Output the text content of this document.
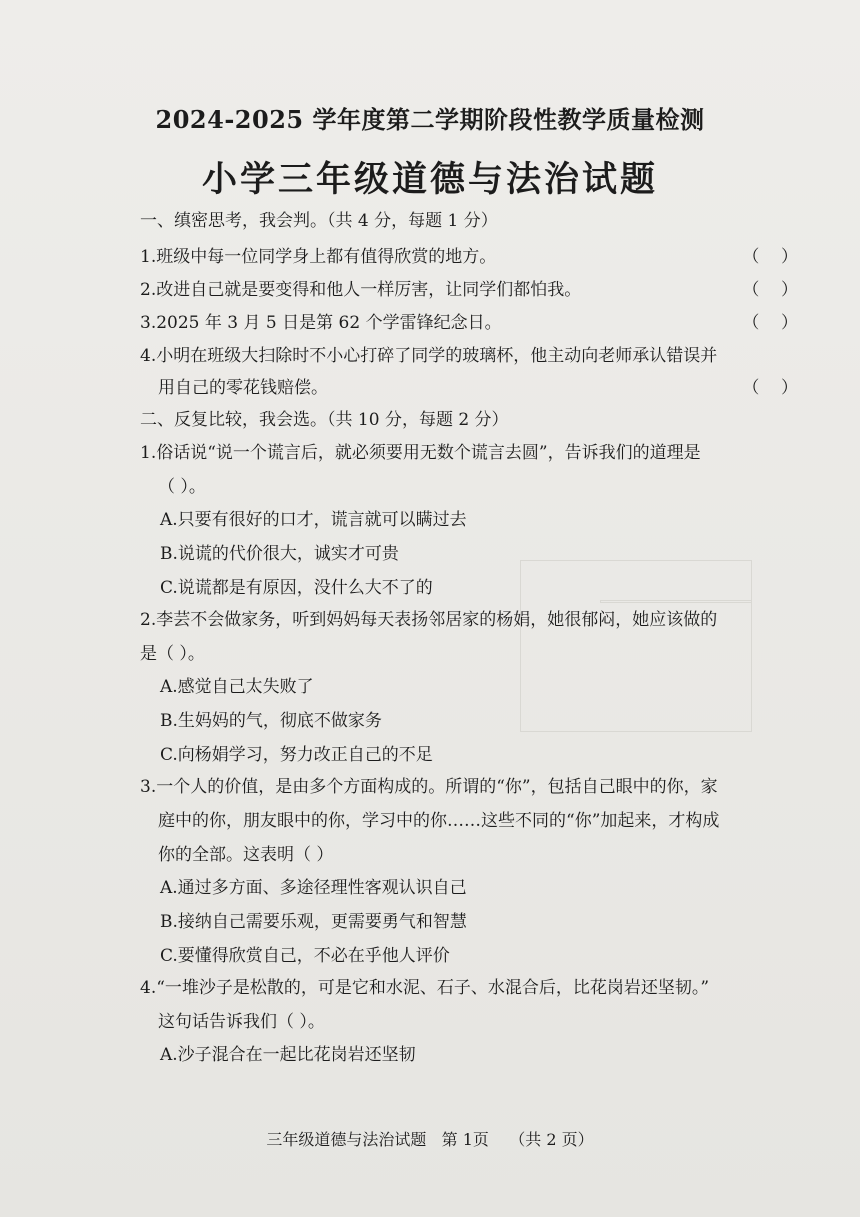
2024-2025 学年度第二学期阶段性教学质量检测
小学三年级道德与法治试题
一、缜密思考，我会判。（共 4 分，每题 1 分）
1.班级中每一位同学身上都有值得欣赏的地方。	（    ）
2.改进自己就是要变得和他人一样厉害，让同学们都怕我。	（    ）
3.2025 年 3 月 5 日是第 62 个学雷锋纪念日。	（    ）
4.小明在班级大扫除时不小心打碎了同学的玻璃杯，他主动向老师承认错误并
用自己的零花钱赔偿。	（    ）
二、反复比较，我会选。（共 10 分，每题 2 分）
1.俗话说“说一个谎言后，就必须要用无数个谎言去圆”，告诉我们的道理是
（ ）。
A.只要有很好的口才，谎言就可以瞒过去
B.说谎的代价很大，诚实才可贵
C.说谎都是有原因，没什么大不了的
2.李芸不会做家务，听到妈妈每天表扬邻居家的杨娟，她很郁闷，她应该做的
是（ ）。
A.感觉自己太失败了
B.生妈妈的气，彻底不做家务
C.向杨娟学习，努力改正自己的不足
3.一个人的价值，是由多个方面构成的。所谓的“你”，包括自己眼中的你，家
庭中的你，朋友眼中的你，学习中的你……这些不同的“你”加起来，才构成
你的全部。这表明（ ）
A.通过多方面、多途径理性客观认识自己
B.接纳自己需要乐观，更需要勇气和智慧
C.要懂得欣赏自己，不必在乎他人评价
4.“一堆沙子是松散的，可是它和水泥、石子、水混合后，比花岗岩还坚韧。”
这句话告诉我们（ ）。
A.沙子混合在一起比花岗岩还坚韧
三年级道德与法治试题   第 1页    （共 2 页）
